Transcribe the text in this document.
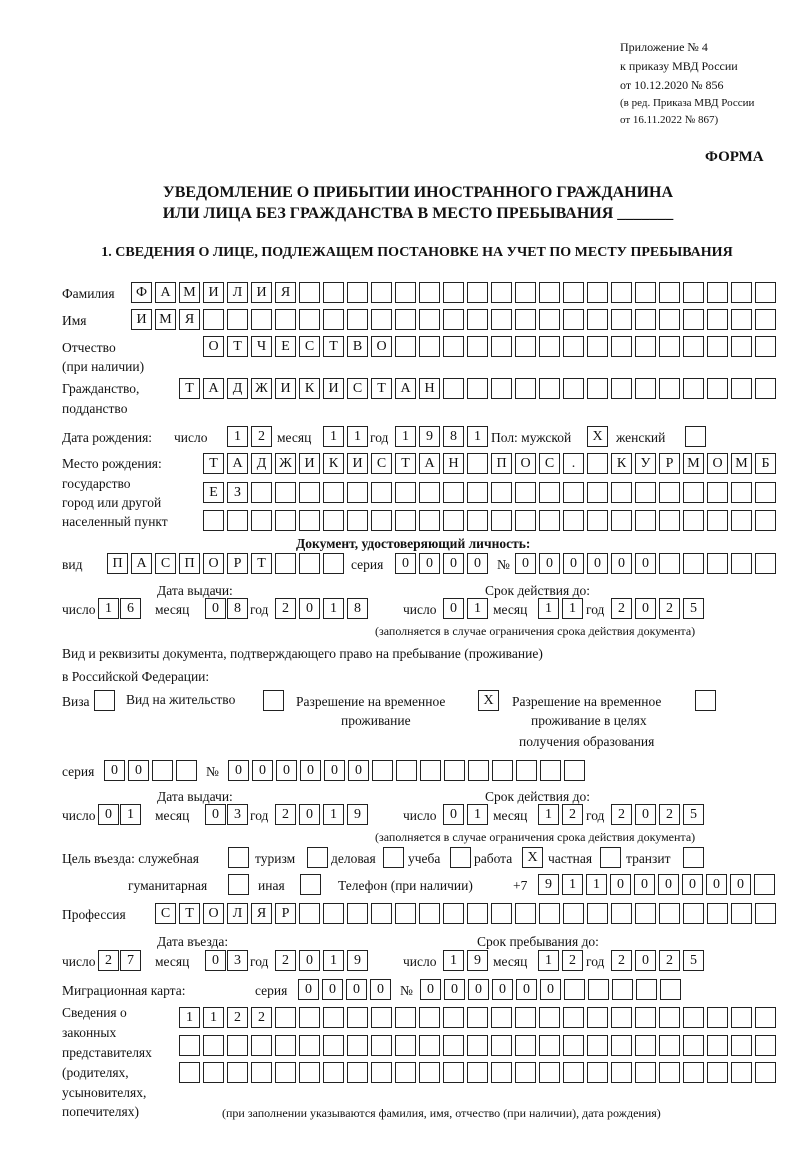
Приложение № 4
к приказу МВД России
от 10.12.2020 № 856
(в ред. Приказа МВД России
от 16.11.2022 № 867)
ФОРМА
УВЕДОМЛЕНИЕ О ПРИБЫТИИ ИНОСТРАННОГО ГРАЖДАНИНА
ИЛИ ЛИЦА БЕЗ ГРАЖДАНСТВА В МЕСТО ПРЕБЫВАНИЯ _______
1. СВЕДЕНИЯ О ЛИЦЕ, ПОДЛЕЖАЩЕМ ПОСТАНОВКЕ НА УЧЕТ ПО МЕСТУ ПРЕБЫВАНИЯ
Фамилия	Ф А М И	Л	И	Я
Имя	И М Я
Отчество
(при наличии)
О	Т	Ч	Е	С	Т	В	О
Гражданство,
подданство
Т	А	Д Ж И	К	И	С	Т	А Н
Дата рождения: число	1	2 месяц	1	1 год 1	9	8	1 Пол: мужской	X женский
Место рождения:
государство
город или другой
населенный пункт
Т	А	Д Ж И	К	И	С	Т	А Н	П О	С	.	К	У	Р М О М Б
Е	З
Документ, удостоверяющий личность:
вид	П А	С	П О	Р	Т	серия	0	0	0	0	№ 0	0	0	0	0	0
Дата выдачи:	Срок действия до:
число 1	6	месяц	0	8 год 2	0	1	8	число 0	1 месяц	1	1 год 2	0	2	5
(заполняется в случае ограничения срока действия документа)
Вид и реквизиты документа, подтверждающего право на пребывание (проживание)
в Российской Федерации:
Виза	Вид на жительство	Разрешение на временное
проживание
X	Разрешение на временное
проживание в целях
получения образования
серия	0	0	№	0	0	0	0	0	0
Дата выдачи:	Срок действия до:
число 0	1	месяц	0	3 год 2	0	1	9	число 0	1 месяц	1	2 год 2	0	2	5
(заполняется в случае ограничения срока действия документа)
Цель въезда: служебная	туризм	деловая учеба работа	X частная	транзит
гуманитарная	иная	Телефон (при наличии)	+7	9	1	1	0	0	0	0	0	0
Профессия	С	Т	О	Л	Я	Р
Дата въезда:	Срок пребывания до:
число 2	7	месяц	0	3 год 2	0	1	9	число 1	9 месяц	1	2 год 2	0	2	5
Миграционная карта:	серия	0	0	0	0	№	0	0	0	0	0	0
Сведения о
законных
представителях
(родителях,
усыновителях,
попечителях)
1	1	2	2
(при заполнении указываются фамилия, имя, отчество (при наличии), дата рождения)
